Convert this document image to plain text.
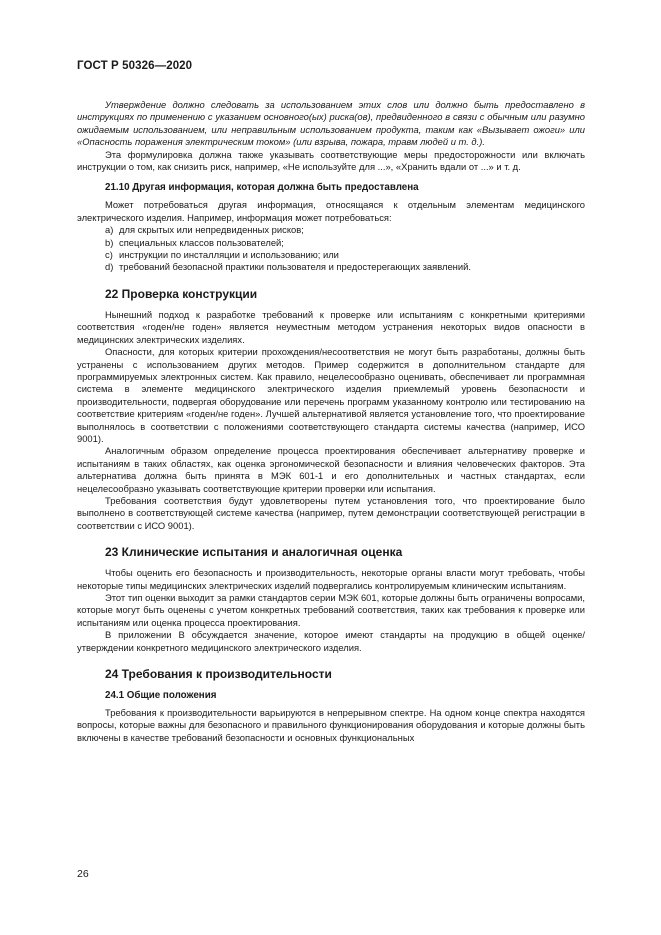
ГОСТ Р 50326—2020

Утверждение должно следовать за использованием этих слов или должно быть предоставлено в инструкциях по применению с указанием основного(ых) риска(ов), предвиденного в связи с обычным или разумно ожидаемым использованием, или неправильным использованием продукта, таким как «Вызывает ожоги» или «Опасность поражения электрическим током» (или взрыва, пожара, травм людей и т. д.).

Эта формулировка должна также указывать соответствующие меры предосторожности или включать инструкции о том, как снизить риск, например, «Не используйте для ...», «Хранить вдали от ...» и т. д.

21.10 Другая информация, которая должна быть предоставлена

Может потребоваться другая информация, относящаяся к отдельным элементам медицинского электрического изделия. Например, информация может потребоваться:

a) для скрытых или непредвиденных рисков;
b) специальных классов пользователей;
c) инструкции по инсталляции и использованию; или
d) требований безопасной практики пользователя и предостерегающих заявлений.
22 Проверка конструкции

Нынешний подход к разработке требований к проверке или испытаниям с конкретными критериями соответствия «годен/не годен» является неуместным методом устранения некоторых видов опасности в медицинских электрических изделиях.

Опасности, для которых критерии прохождения/несоответствия не могут быть разработаны, должны быть устранены с использованием других методов. Пример содержится в дополнительном стандарте для программируемых электронных систем. Как правило, нецелесообразно оценивать, обеспечивает ли программная система в элементе медицинского электрического изделия приемлемый уровень безопасности и производительности, подвергая оборудование или перечень программ указанному контролю или тестированию на соответствие критериям «годен/не годен». Лучшей альтернативой является установление того, что проектирование выполнялось в соответствии с положениями соответствующего стандарта системы качества (например, ИСО 9001).

Аналогичным образом определение процесса проектирования обеспечивает альтернативу проверке и испытаниям в таких областях, как оценка эргономической безопасности и влияния человеческих факторов. Эта альтернатива должна быть принята в МЭК 601-1 и его дополнительных и частных стандартах, если нецелесообразно указывать соответствующие критерии проверки или испытания.

Требования соответствия будут удовлетворены путем установления того, что проектирование было выполнено в соответствующей системе качества (например, путем демонстрации соответствующей регистрации в соответствии с ИСО 9001).

23 Клинические испытания и аналогичная оценка

Чтобы оценить его безопасность и производительность, некоторые органы власти могут требовать, чтобы некоторые типы медицинских электрических изделий подвергались контролируемым клиническим испытаниям.

Этот тип оценки выходит за рамки стандартов серии МЭК 601, которые должны быть ограничены вопросами, которые могут быть оценены с учетом конкретных требований соответствия, таких как требования к проверке или испытаниям или оценка процесса проектирования.

В приложении В обсуждается значение, которое имеют стандарты на продукцию в общей оценке/утверждении конкретного медицинского электрического изделия.

24 Требования к производительности
24.1 Общие положения

Требования к производительности варьируются в непрерывном спектре. На одном конце спектра находятся вопросы, которые важны для безопасного и правильного функционирования оборудования и которые должны быть включены в качестве требований безопасности и основных функциональных

26
